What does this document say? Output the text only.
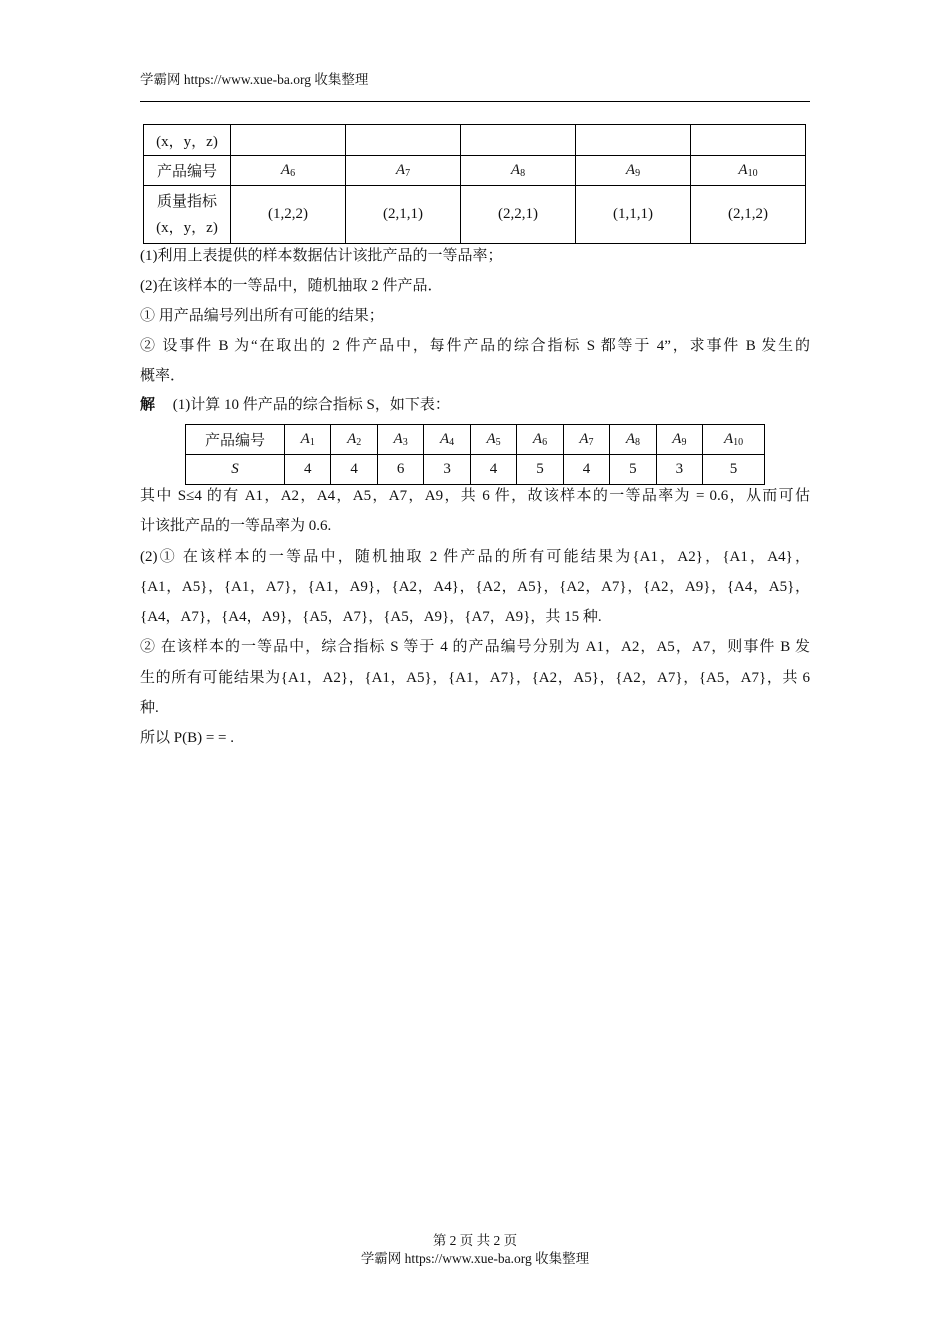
学霸网 https://www.xue-ba.org 收集整理
(x，y，z)					
产品编号	$A_6$	$A_7$	$A_8$	$A_9$	$A_{10}$

质量指标
(x，y，z)	(1,2,2)	(2,1,1)	(2,2,1)	(1,1,1)	(2,1,2)
(1)利用上表提供的样本数据估计该批产品的一等品率；
(2)在该样本的一等品中，随机抽取 2 件产品．
① 用产品编号列出所有可能的结果；
② 设事件 B 为“在取出的 2 件产品中，每件产品的综合指标 S 都等于 4”，求事件 B 发生的
概率．
解 (1)计算 10 件产品的综合指标 S，如下表：
产品编号	$A_1$	$A_2$	$A_3$	$A_4$	$A_5$	$A_6$	$A_7$	$A_8$	$A_9$	$A_{10}$
S	4	4	6	3	4	5	4	5	3	5
其中 S≤4 的有 A1，A2，A4，A5，A7，A9，共 6 件，故该样本的一等品率为 = 0.6，从而可估
计该批产品的一等品率为 0.6.
(2)① 在该样本的一等品中，随机抽取 2 件产品的所有可能结果为{A1，A2}，{A1，A4}，
{A1，A5}，{A1，A7}，{A1，A9}，{A2，A4}，{A2，A5}，{A2，A7}，{A2，A9}，{A4，A5}，
{A4，A7}，{A4，A9}，{A5，A7}，{A5，A9}，{A7，A9}，共 15 种.
② 在该样本的一等品中，综合指标 S 等于 4 的产品编号分别为 A1，A2，A5，A7，则事件 B 发
生的所有可能结果为{A1，A2}，{A1，A5}，{A1，A7}，{A2，A5}，{A2，A7}，{A5，A7}，共 6
种.
所以 P(B) = = .
第 2 页 共 2 页
学霸网 https://www.xue-ba.org 收集整理
